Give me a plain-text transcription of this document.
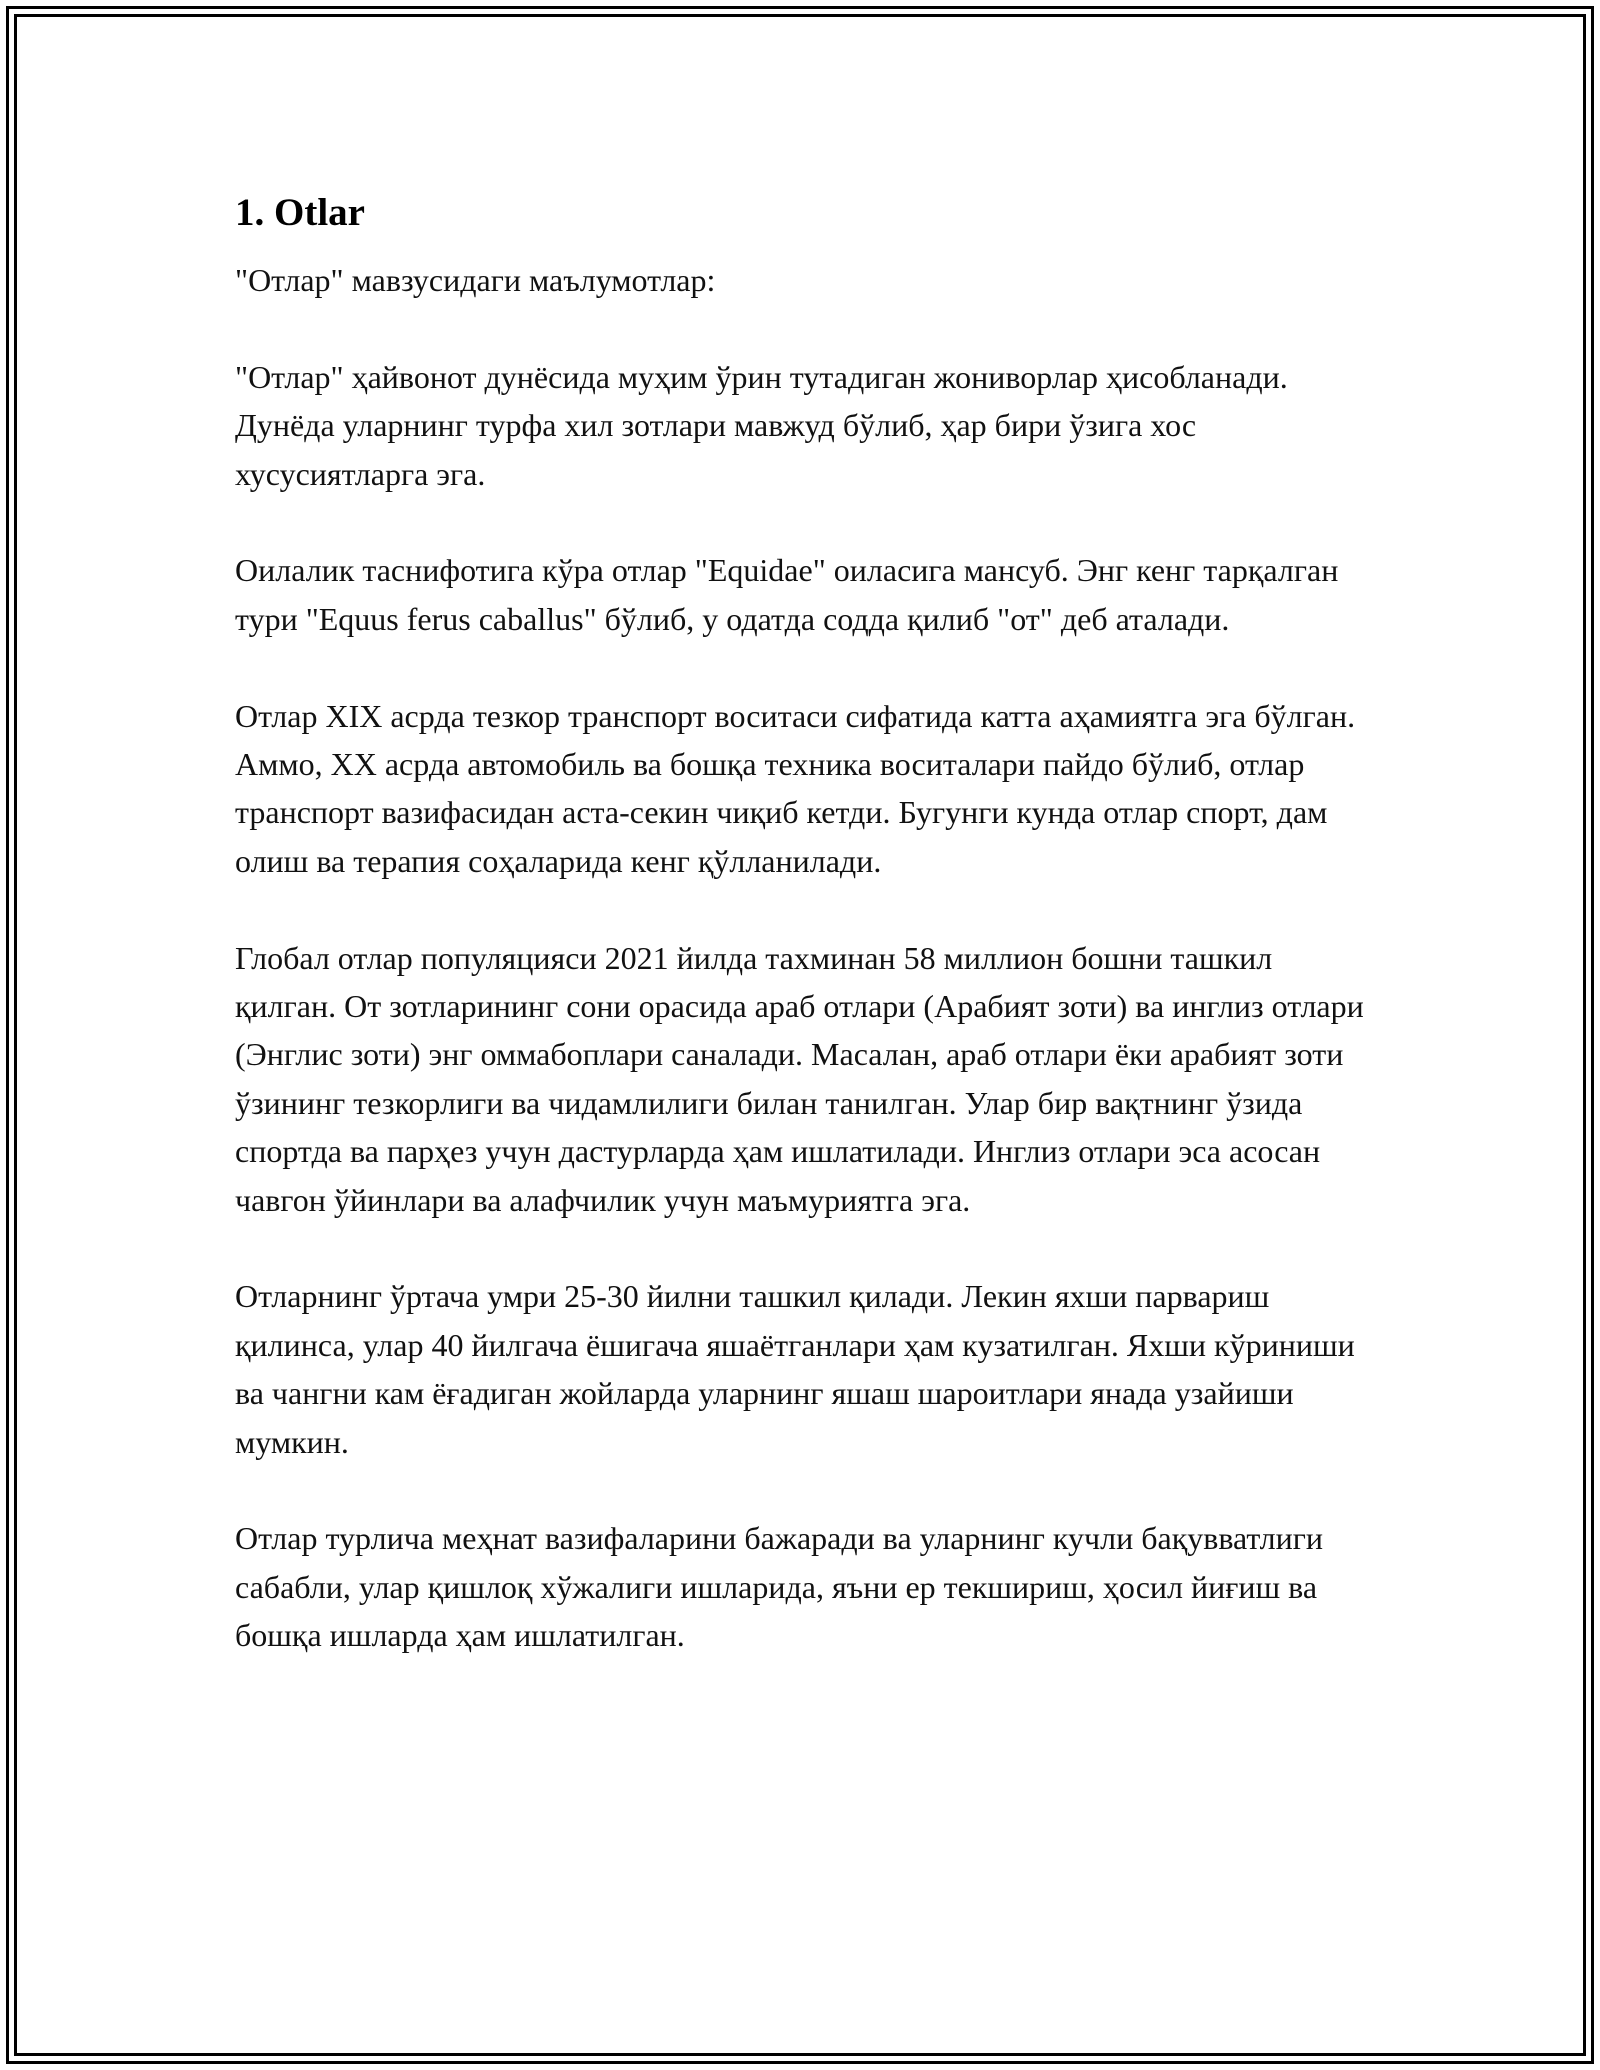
1. Otlar

"Отлар" мавзусидаги маълумотлар:

"Отлар" ҳайвонот дунёсида муҳим ўрин тутадиган жониворлар ҳисобланади. Дунёда уларнинг турфа хил зотлари мавжуд бўлиб, ҳар бири ўзига хос хусусиятларга эга.

Оилалик таснифотига кўра отлар "Equidae" оиласига мансуб. Энг кенг тарқалган тури "Equus ferus caballus" бўлиб, у одатда содда қилиб "от" деб аталади.

Отлар XIX асрда тезкор транспорт воситаси сифатида катта аҳамиятга эга бўлган. Аммо, XX асрда автомобиль ва бошқа техника воситалари пайдо бўлиб, отлар транспорт вазифасидан аста-секин чиқиб кетди. Бугунги кунда отлар спорт, дам олиш ва терапия соҳаларида кенг қўлланилади.

Глобал отлар популяцияси 2021 йилда тахминан 58 миллион бошни ташкил қилган. От зотларининг сони орасида араб отлари (Арабият зоти) ва инглиз отлари (Энглис зоти) энг оммабоплари саналади. Масалан, араб отлари ёки арабият зоти ўзининг тезкорлиги ва чидамлилиги билан танилган. Улар бир вақтнинг ўзида спортда ва парҳез учун дастурларда ҳам ишлатилади. Инглиз отлари эса асосан чавгон ўйинлари ва алафчилик учун маъмуриятга эга.

Отларнинг ўртача умри 25-30 йилни ташкил қилади. Лекин яхши парвариш қилинса, улар 40 йилгача ёшигача яшаётганлари ҳам кузатилган. Яхши кўриниши ва чангни кам ёғадиган жойларда уларнинг яшаш шароитлари янада узайиши мумкин.

Отлар турлича меҳнат вазифаларини бажаради ва уларнинг кучли бақувватлиги сабабли, улар қишлоқ хўжалиги ишларида, яъни ер текшириш, ҳосил йиғиш ва бошқа ишларда ҳам ишлатилган.
